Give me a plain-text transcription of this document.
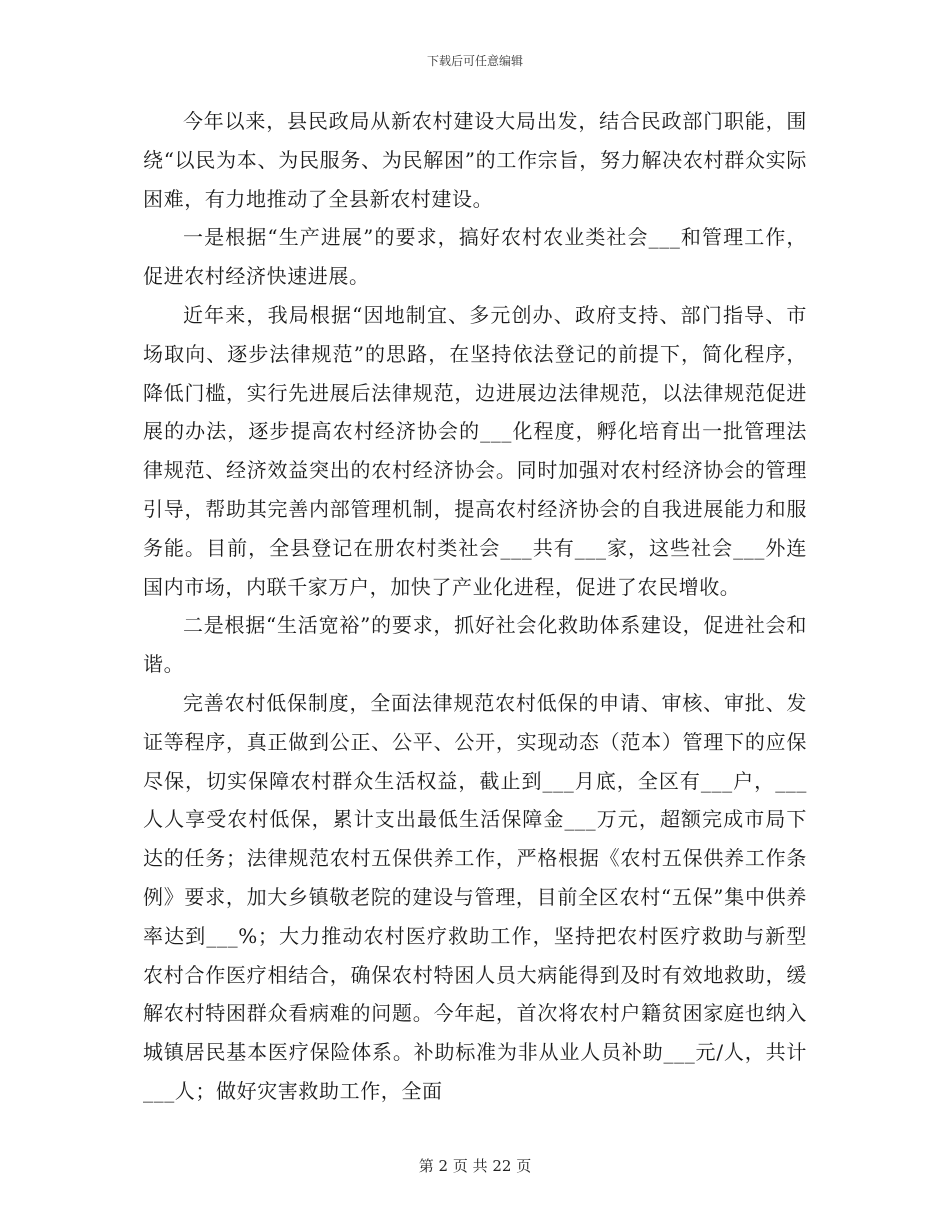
下载后可任意编辑

今年以来，县民政局从新农村建设大局出发，结合民政部门职能，围绕“以民为本、为民服务、为民解困”的工作宗旨，努力解决农村群众实际困难，有力地推动了全县新农村建设。

一是根据“生产进展”的要求，搞好农村农业类社会___和管理工作，促进农村经济快速进展。

近年来，我局根据“因地制宜、多元创办、政府支持、部门指导、市场取向、逐步法律规范”的思路，在坚持依法登记的前提下，简化程序，降低门槛，实行先进展后法律规范，边进展边法律规范，以法律规范促进展的办法，逐步提高农村经济协会的___化程度，孵化培育出一批管理法律规范、经济效益突出的农村经济协会。同时加强对农村经济协会的管理引导，帮助其完善内部管理机制，提高农村经济协会的自我进展能力和服务能。目前，全县登记在册农村类社会___共有___家，这些社会___外连国内市场，内联千家万户，加快了产业化进程，促进了农民增收。

二是根据“生活宽裕”的要求，抓好社会化救助体系建设，促进社会和谐。

完善农村低保制度，全面法律规范农村低保的申请、审核、审批、发证等程序，真正做到公正、公平、公开，实现动态（范本）管理下的应保尽保，切实保障农村群众生活权益，截止到___月底，全区有___户，___人人享受农村低保，累计支出最低生活保障金___万元，超额完成市局下达的任务；法律规范农村五保供养工作，严格根据《农村五保供养工作条例》要求，加大乡镇敬老院的建设与管理，目前全区农村“五保”集中供养率达到___%；大力推动农村医疗救助工作，坚持把农村医疗救助与新型农村合作医疗相结合，确保农村特困人员大病能得到及时有效地救助，缓解农村特困群众看病难的问题。今年起，首次将农村户籍贫困家庭也纳入城镇居民基本医疗保险体系。补助标准为非从业人员补助___元/人，共计___人；做好灾害救助工作，全面

第 2 页 共 22 页
